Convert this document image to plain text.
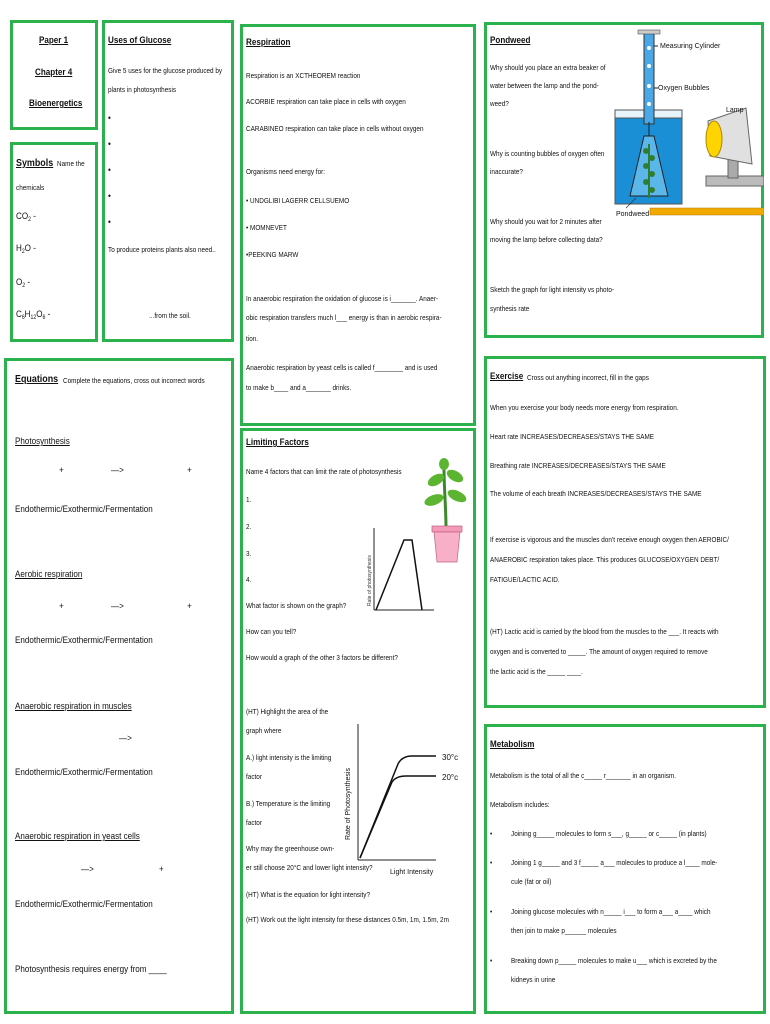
Paper 1
Chapter 4
Bioenergetics
Symbols Name the
chemicals
$CO_2$ -
$H_2O$ -
$O_2$ -
$C_6H_{12}O_6$ -
Uses of Glucose
Give 5 uses for the glucose produced by
plants in photosynthesis
•
•
•
•
•
To produce proteins plants also need..
...from the soil.
Respiration
Respiration is an XCTHEOREM reaction
ACORBIE respiration can take place in cells with oxygen
CARABINEO respiration can take place in cells without oxygen
Organisms need energy for:
• UNDGLIBI LAGERR CELLSUEMO
• MOMNEVET
•PEEKING MARW
In anaerobic respiration the oxidation of glucose is i_______. Anaer-
obic respiration transfers much l___ energy is than in aerobic respira-
tion.
Anaerobic respiration by yeast cells is called f________ and is used
to make b____ and a_______ drinks.
Pondweed
Why should you place an extra beaker of
water between the lamp and the pond-
weed?
Why is counting bubbles of oxygen often
inaccurate?
Why should you wait for 2 minutes after
moving the lamp before collecting data?
Sketch the graph for light intensity vs photo-
synthesis rate
Measuring Cylinder
Oxygen Bubbles
Lamp
Pondweed
Equations Complete the equations, cross out incorrect words
Photosynthesis
+	—>	+
Endothermic/Exothermic/Fermentation
Aerobic respiration
+	—>	+
Endothermic/Exothermic/Fermentation
Anaerobic respiration in muscles
—>
Endothermic/Exothermic/Fermentation
Anaerobic respiration in yeast cells
—>	+
Endothermic/Exothermic/Fermentation
Photosynthesis requires energy from ____
Limiting Factors
Name 4 factors that can limit the rate of photosynthesis
1.
2.
3.
4.
What factor is shown on the graph?
How can you tell?
How would a graph of the other 3 factors be different?
(HT) Highlight the area of the
graph where
A.) light intensity is the limiting
factor
B.) Temperature is the limiting
factor
Why may the greenhouse own-
er still choose 20°C and lower light intensity?
(HT) What is the equation for light intensity?
(HT) Work out the light intensity for these distances 0.5m, 1m, 1.5m, 2m
Rate of photosynthesis
30°c
20°c
Light Intensity
Rate of Photosynthesis
Exercise Cross out anything incorrect, fill in the gaps
When you exercise your body needs more energy from respiration.
Heart rate INCREASES/DECREASES/STAYS THE SAME
Breathing rate INCREASES/DECREASES/STAYS THE SAME
The volume of each breath INCREASES/DECREASES/STAYS THE SAME
If exercise is vigorous and the muscles don’t receive enough oxygen then AEROBIC/
ANAEROBIC respiration takes place. This produces GLUCOSE/OXYGEN DEBT/
FATIGUE/LACTIC ACID.
(HT) Lactic acid is carried by the blood from the muscles to the ___. It reacts with
oxygen and is converted to _____. The amount of oxygen required to remove
the lactic acid is the _____ ____.
Metabolism
Metabolism is the total of all the c_____ r_______ in an organism.
Metabolism includes:
•	Joining g_____ molecules to form s___, g_____ or c_____ (in plants)
•	Joining 1 g_____ and 3 f_____ a___ molecules to produce a l____ mole-
cule (fat or oil)
•	Joining glucose molecules with n_____ i___ to form a___ a____ which
then join to make p______ molecules
•	Breaking down p_____ molecules to make u___ which is excreted by the
kidneys in urine
